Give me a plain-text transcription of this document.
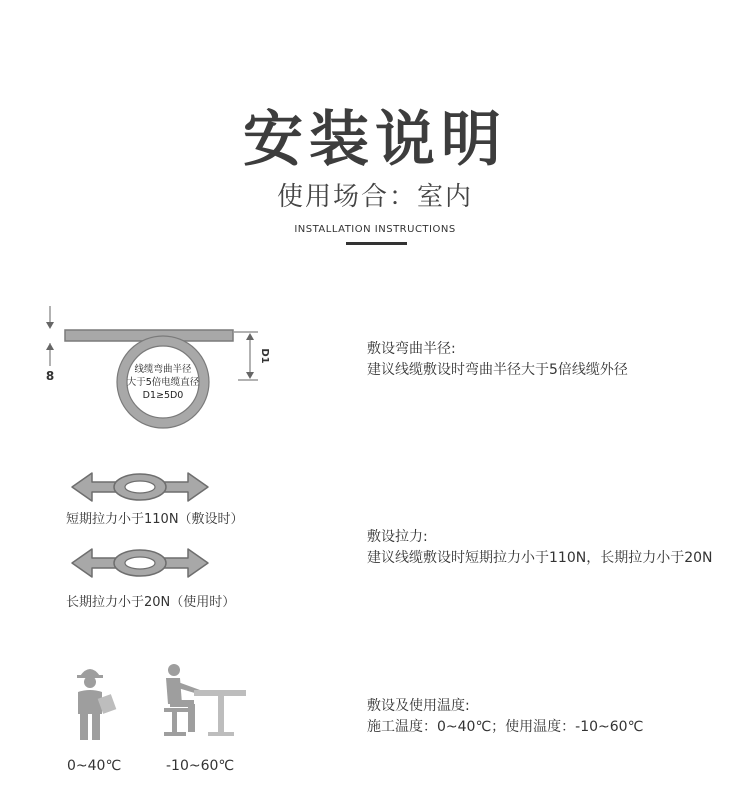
安装说明
使用场合：室内
INSTALLATION INSTRUCTIONS
8	线缆弯曲半径
大于5倍电缆直径
D1≥5D0
D1	敷设弯曲半径:
建议线缆敷设时弯曲半径大于5倍线缆外径
短期拉力小于110N（敷设时）
长期拉力小于20N（使用时）
敷设拉力:
建议线缆敷设时短期拉力小于110N，长期拉力小于20N
0~40℃	-10~60℃
敷设及使用温度:
施工温度：0~40℃；使用温度：-10~60℃
